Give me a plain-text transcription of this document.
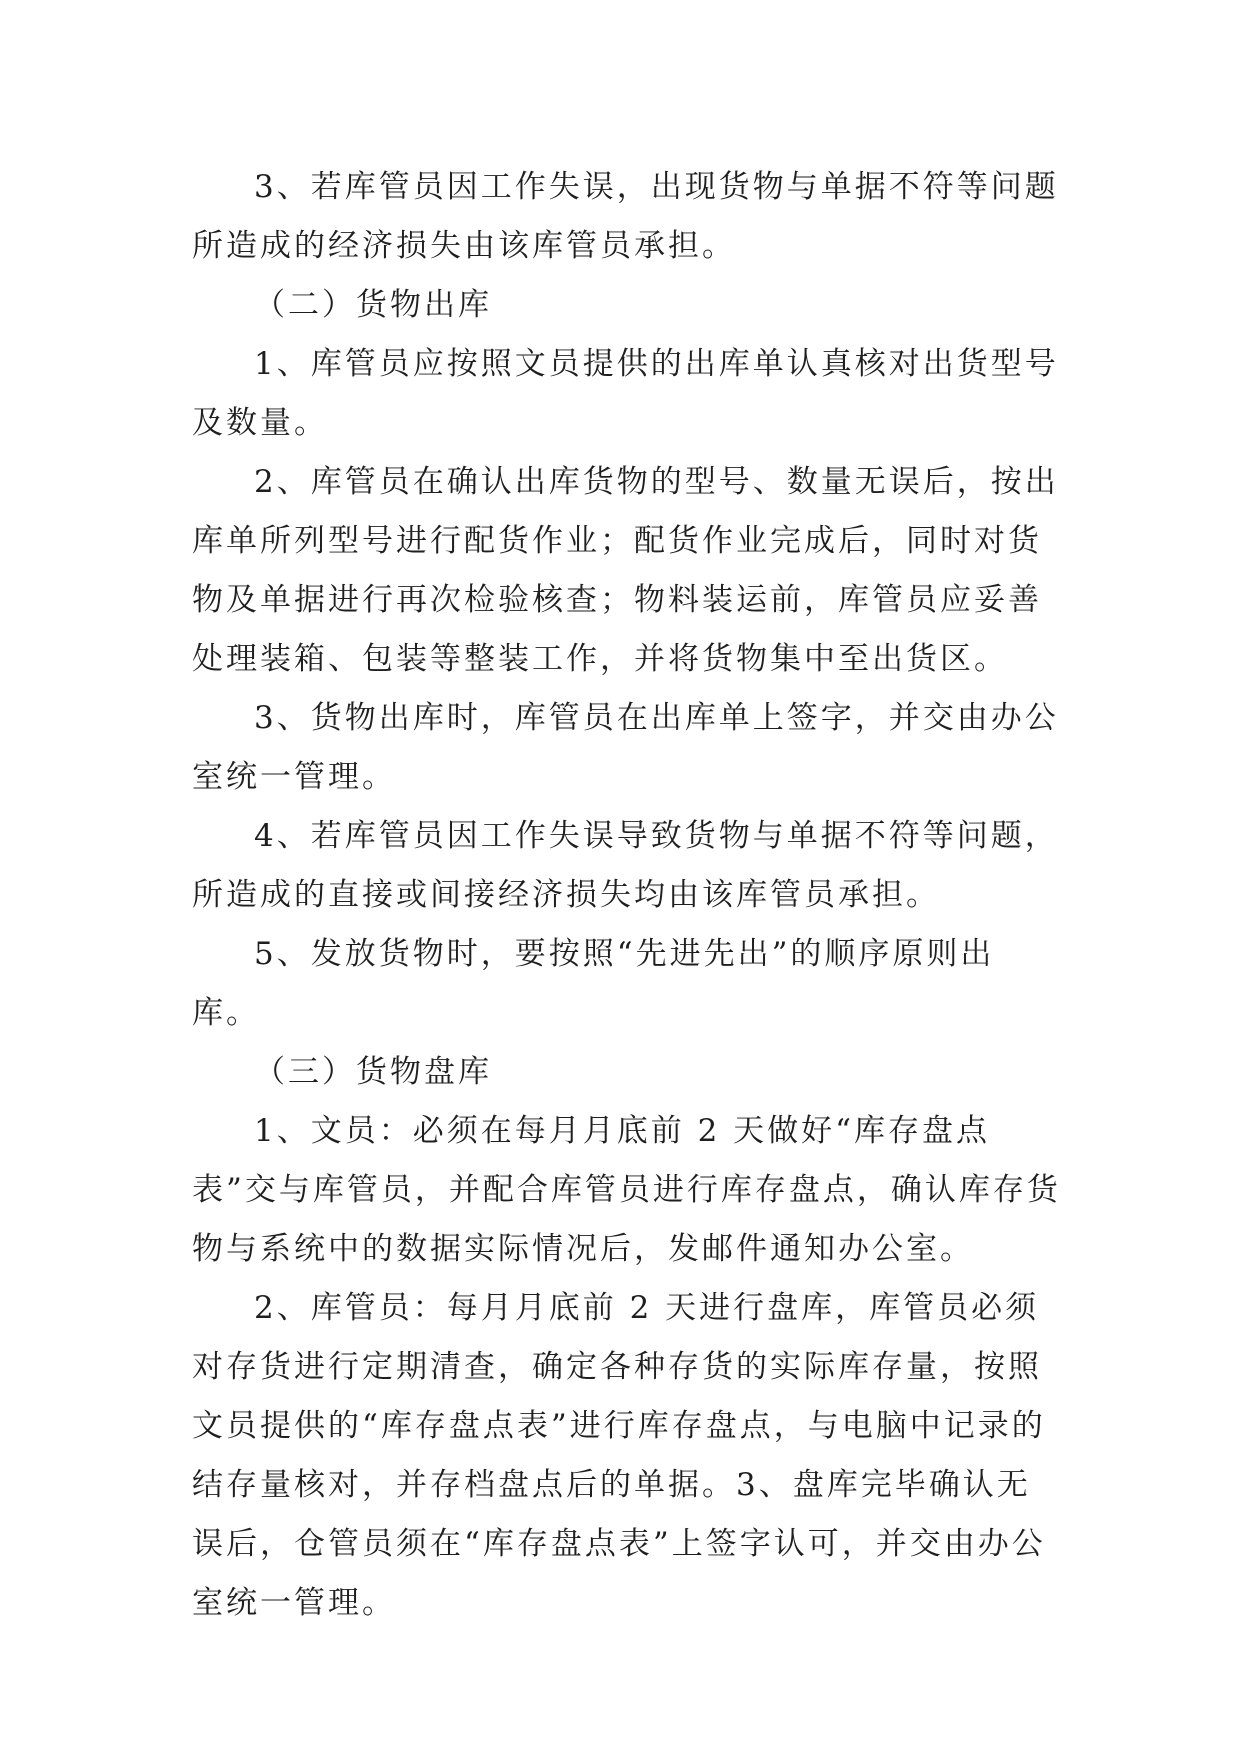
3、若库管员因工作失误，出现货物与单据不符等问题所造成的经济损失由该库管员承担。

（二）货物出库

1、库管员应按照文员提供的出库单认真核对出货型号及数量。

2、库管员在确认出库货物的型号、数量无误后，按出库单所列型号进行配货作业；配货作业完成后，同时对货物及单据进行再次检验核查；物料装运前，库管员应妥善处理装箱、包装等整装工作，并将货物集中至出货区。

3、货物出库时，库管员在出库单上签字，并交由办公室统一管理。

4、若库管员因工作失误导致货物与单据不符等问题，所造成的直接或间接经济损失均由该库管员承担。

5、发放货物时，要按照“先进先出”的顺序原则出库。

（三）货物盘库

1、文员：必须在每月月底前 2 天做好“库存盘点表”交与库管员，并配合库管员进行库存盘点，确认库存货物与系统中的数据实际情况后，发邮件通知办公室。

2、库管员：每月月底前 2 天进行盘库，库管员必须对存货进行定期清查，确定各种存货的实际库存量，按照文员提供的“库存盘点表”进行库存盘点，与电脑中记录的结存量核对，并存档盘点后的单据。3、盘库完毕确认无误后，仓管员须在“库存盘点表”上签字认可，并交由办公室统一管理。
